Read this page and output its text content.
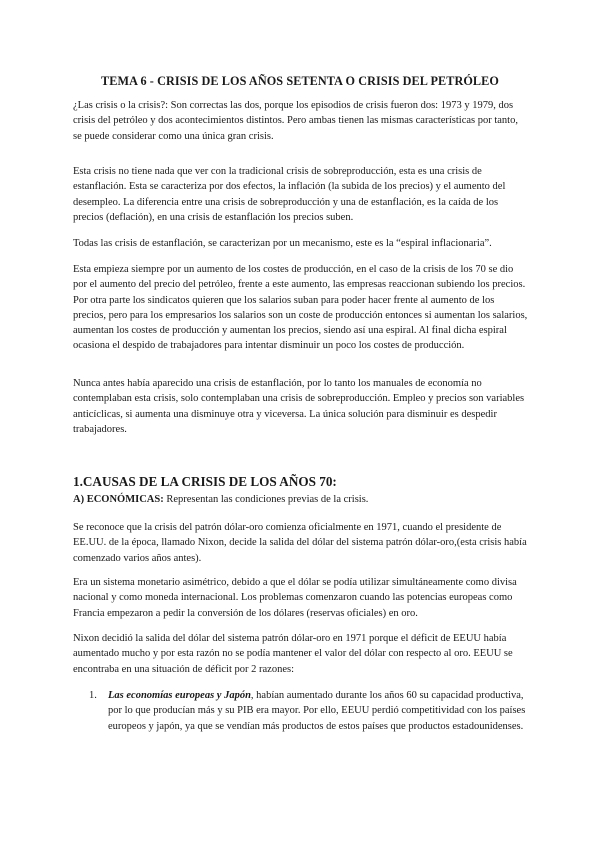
TEMA 6 - CRISIS DE LOS AÑOS SETENTA O CRISIS DEL PETRÓLEO

¿Las crisis o la crisis?: Son correctas las dos, porque los episodios de crisis fueron dos: 1973 y 1979, dos crisis del petróleo y dos acontecimientos distintos. Pero ambas tienen las mismas características por tanto, se puede considerar como una única gran crisis.

Esta crisis no tiene nada que ver con la tradicional crisis de sobreproducción, esta es una crisis de estanflación. Esta se caracteriza por dos efectos, la inflación (la subida de los precios) y el aumento del desempleo. La diferencia entre una crisis de sobreproducción y una de estanflación, es la caída de los precios (deflación), en una crisis de estanflación los precios suben.

Todas las crisis de estanflación, se caracterizan por un mecanismo, este es la “espiral inflacionaria”.

Esta empieza siempre por un aumento de los costes de producción, en el caso de la crisis de los 70 se dio por el aumento del precio del petróleo, frente a este aumento, las empresas reaccionan subiendo los precios. Por otra parte los sindicatos quieren que los salarios suban para poder hacer frente al aumento de los precios, pero para los empresarios los salarios son un coste de producción entonces si aumentan los salarios, aumentan los costes de producción y aumentan los precios, siendo así una espiral. Al final dicha espiral ocasiona el despido de trabajadores para intentar disminuir un poco los costes de producción.

Nunca antes había aparecido una crisis de estanflación, por lo tanto los manuales de economía no contemplaban esta crisis, solo contemplaban una crisis de sobreproducción. Empleo y precios son variables anticíclicas, si aumenta una disminuye otra y viceversa. La única solución para disminuir es despedir trabajadores.

1.CAUSAS DE LA CRISIS DE LOS AÑOS 70:
A) ECONÓMICAS: Representan las condiciones previas de la crisis.

Se reconoce que la crisis del patrón dólar-oro comienza oficialmente en 1971, cuando el presidente de EE.UU. de la época, llamado Nixon, decide la salida del dólar del sistema patrón dólar-oro,(esta crisis había comenzado varios años antes).

Era un sistema monetario asimétrico, debido a que el dólar se podía utilizar simultáneamente como divisa nacional y como moneda internacional. Los problemas comenzaron cuando las potencias europeas como Francia empezaron a pedir la conversión de los dólares (reservas oficiales) en oro.

Nixon decidió la salida del dólar del sistema patrón dólar-oro en 1971 porque el déficit de EEUU había aumentado mucho y por esta razón no se podía mantener el valor del dólar con respecto al oro. EEUU se encontraba en una situación de déficit por 2 razones:

1. Las economías europeas y Japón, habían aumentado durante los años 60 su capacidad productiva, por lo que producían más y su PIB era mayor. Por ello, EEUU perdió competitividad con los países europeos y japón, ya que se vendían más productos de estos países que productos estadounidenses.
